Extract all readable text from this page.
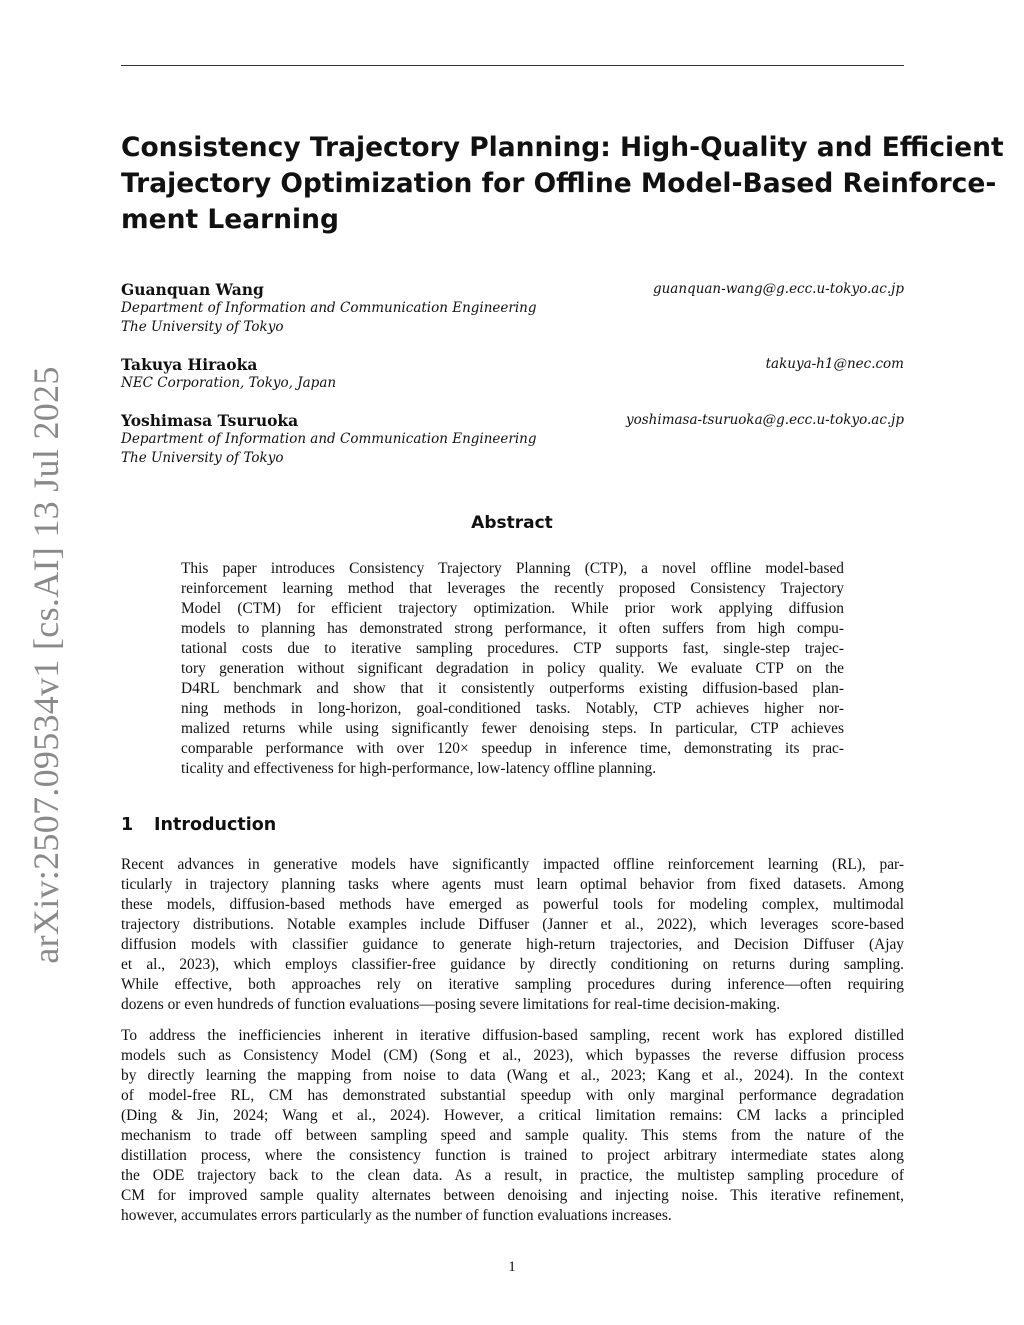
arXiv:2507.09534v1 [cs.AI] 13 Jul 2025
Consistency Trajectory Planning: High-Quality and Efficient
Trajectory Optimization for Offline Model-Based Reinforce-
ment Learning
Guanquan Wang	guanquan-wang@g.ecc.u-tokyo.ac.jp
Department of Information and Communication Engineering
The University of Tokyo
Takuya Hiraoka	takuya-h1@nec.com
NEC Corporation, Tokyo, Japan
Yoshimasa Tsuruoka	yoshimasa-tsuruoka@g.ecc.u-tokyo.ac.jp
Department of Information and Communication Engineering
The University of Tokyo
Abstract
This paper introduces Consistency Trajectory Planning (CTP), a novel offline model-based
reinforcement learning method that leverages the recently proposed Consistency Trajectory
Model (CTM) for efficient trajectory optimization. While prior work applying diffusion
models to planning has demonstrated strong performance, it often suffers from high compu-
tational costs due to iterative sampling procedures. CTP supports fast, single-step trajec-
tory generation without significant degradation in policy quality. We evaluate CTP on the
D4RL benchmark and show that it consistently outperforms existing diffusion-based plan-
ning methods in long-horizon, goal-conditioned tasks. Notably, CTP achieves higher nor-
malized returns while using significantly fewer denoising steps. In particular, CTP achieves
comparable performance with over 120× speedup in inference time, demonstrating its prac-
ticality and effectiveness for high-performance, low-latency offline planning.
1 Introduction
Recent advances in generative models have significantly impacted offline reinforcement learning (RL), par-
ticularly in trajectory planning tasks where agents must learn optimal behavior from fixed datasets. Among
these models, diffusion-based methods have emerged as powerful tools for modeling complex, multimodal
trajectory distributions. Notable examples include Diffuser (Janner et al., 2022), which leverages score-based
diffusion models with classifier guidance to generate high-return trajectories, and Decision Diffuser (Ajay
et al., 2023), which employs classifier-free guidance by directly conditioning on returns during sampling.
While effective, both approaches rely on iterative sampling procedures during inference—often requiring
dozens or even hundreds of function evaluations—posing severe limitations for real-time decision-making.
To address the inefficiencies inherent in iterative diffusion-based sampling, recent work has explored distilled
models such as Consistency Model (CM) (Song et al., 2023), which bypasses the reverse diffusion process
by directly learning the mapping from noise to data (Wang et al., 2023; Kang et al., 2024). In the context
of model-free RL, CM has demonstrated substantial speedup with only marginal performance degradation
(Ding & Jin, 2024; Wang et al., 2024). However, a critical limitation remains: CM lacks a principled
mechanism to trade off between sampling speed and sample quality. This stems from the nature of the
distillation process, where the consistency function is trained to project arbitrary intermediate states along
the ODE trajectory back to the clean data. As a result, in practice, the multistep sampling procedure of
CM for improved sample quality alternates between denoising and injecting noise. This iterative refinement,
however, accumulates errors particularly as the number of function evaluations increases.
1
